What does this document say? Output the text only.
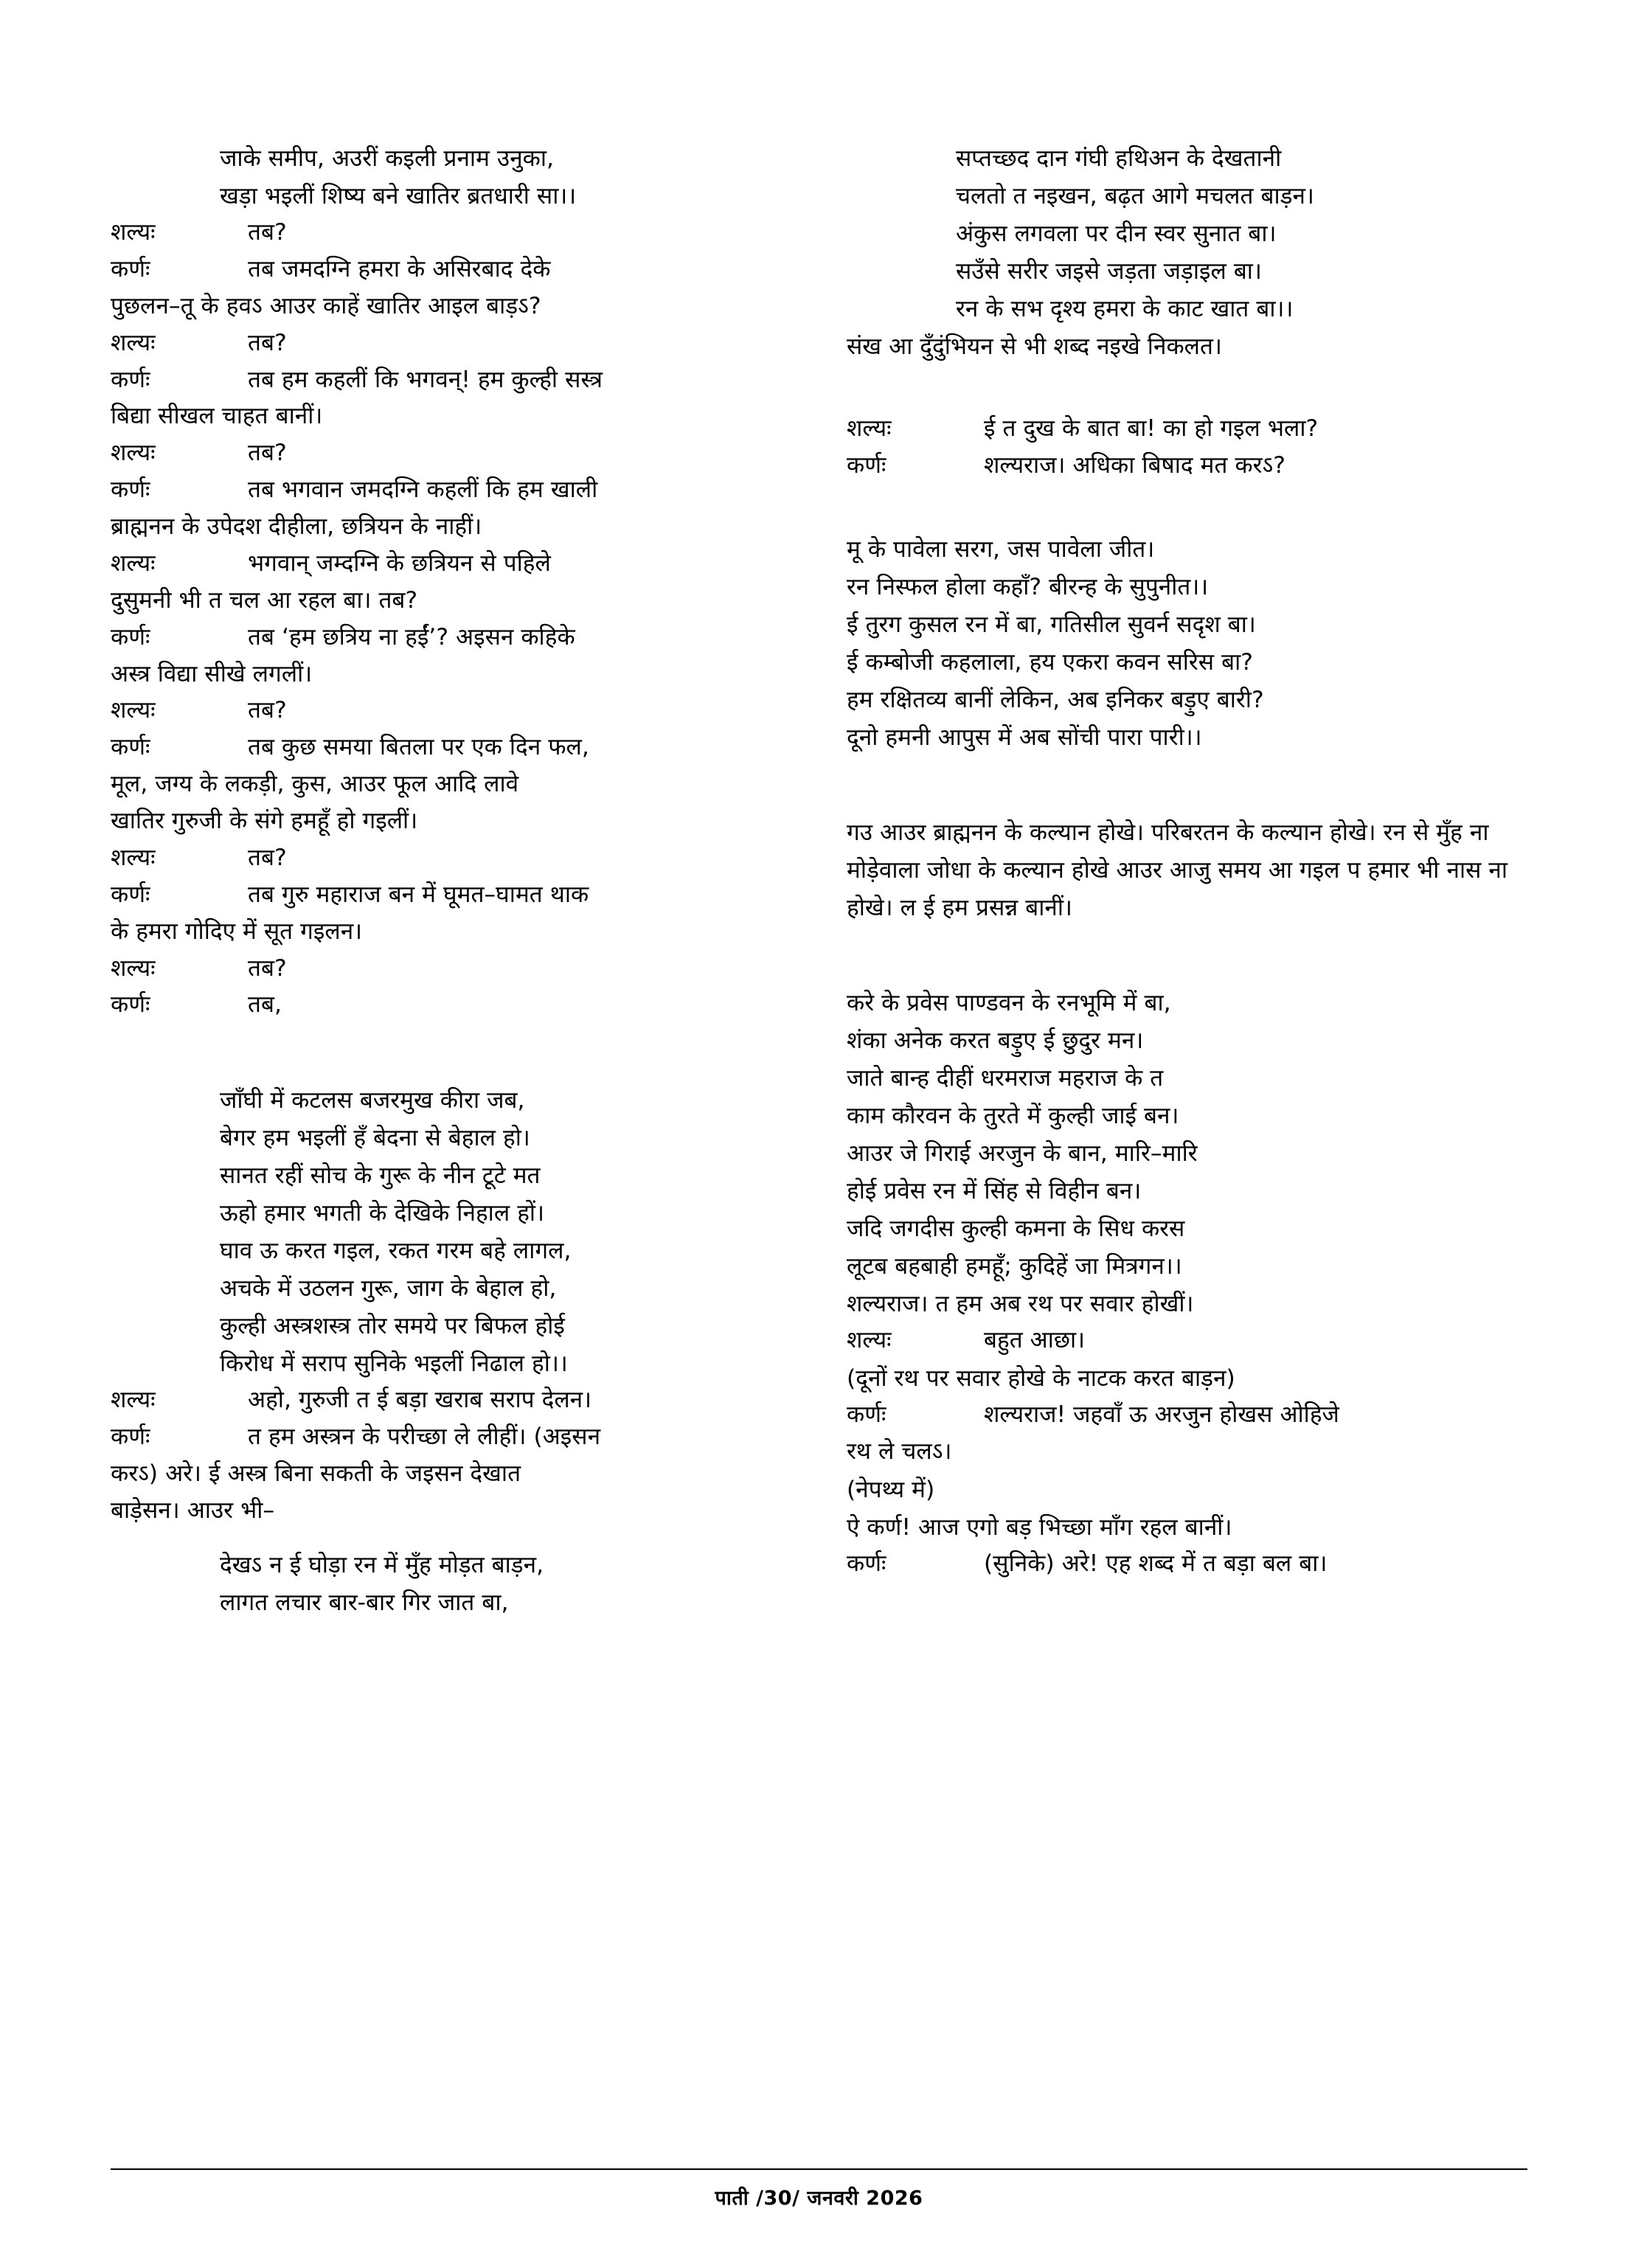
जाके समीप, अउरीं कइली प्रनाम उनुका,
खड़ा भइलीं शिष्य बने खातिर ब्रतधारी सा।।
शल्यः	तब?
कर्णः	तब जमदग्नि हमरा के असिरबाद देके

पुछलन–तू के हवऽ आउर काहें खातिर आइल बाड़ऽ?

शल्यः	तब?
कर्णः	तब हम कहलीं कि भगवन्! हम कुल्ही सस्त्र

बिद्या सीखल चाहत बानीं।

शल्यः	तब?
कर्णः	तब भगवान जमदग्नि कहलीं कि हम खाली

ब्राह्मनन के उपेदश दीहीला, छत्रियन के नाहीं।

शल्यः	भगवान् जम्दग्नि के छत्रियन से पहिले

दुसुमनी भी त चल आ रहल बा। तब?

कर्णः	तब ‘हम छत्रिय ना हईं’? अइसन कहिके

अस्त्र विद्या सीखे लगलीं।

शल्यः	तब?
कर्णः	तब कुछ समया बितला पर एक दिन फल,

मूल, जग्य के लकड़ी, कुस, आउर फूल आदि लावे

खातिर गुरुजी के संगे हमहूँ हो गइलीं।

शल्यः	तब?
कर्णः	तब गुरु महाराज बन में घूमत–घामत थाक

के हमरा गोदिए में सूत गइलन।

शल्यः	तब?
कर्णः	तब,
जाँघी में कटलस बजरमुख कीरा जब,
बेगर हम भइलीं हँ बेदना से बेहाल हो।
सानत रहीं सोच के गुरू के नीन टूटे मत
ऊहो हमार भगती के देखिके निहाल हों।
घाव ऊ करत गइल, रकत गरम बहे लागल,
अचके में उठलन गुरू, जाग के बेहाल हो,
कुल्ही अस्त्रशस्त्र तोर समये पर बिफल होई
किरोध में सराप सुनिके भइलीं निढाल हो।।
शल्यः	अहो, गुरुजी त ई बड़ा खराब सराप देलन।
कर्णः	त हम अस्त्रन के परीच्छा ले लीहीं। (अइसन

करऽ) अरे। ई अस्त्र बिना सकती के जइसन देखात

बाड़ेसन। आउर भी–

देखऽ न ई घोड़ा रन में मुँह मोड़त बाड़न,
लागत लचार बार-बार गिर जात बा,
सप्तच्छद दान गंघी हथिअन के देखतानी
चलतो त नइखन, बढ़त आगे मचलत बाड़न।
अंकुस लगवला पर दीन स्वर सुनात बा।
सउँसे सरीर जइसे जड़ता जड़ाइल बा।
रन के सभ दृश्य हमरा के काट खात बा।।

संख आ दुँदुंभियन से भी शब्द नइखे निकलत।

शल्यः	ई त दुख के बात बा! का हो गइल भला?
कर्णः	शल्यराज। अधिका बिषाद मत करऽ?
मू के पावेला सरग, जस पावेला जीत।
रन निस्फल होला कहाँ? बीरन्ह के सुपुनीत।।
ई तुरग कुसल रन में बा, गतिसील सुवर्न सदृश बा।
ई कम्बोजी कहलाला, हय एकरा कवन सरिस बा?
हम रक्षितव्य बानीं लेकिन, अब इनिकर बड़ुए बारी?
दूनो हमनी आपुस में अब सोंची पारा पारी।।

गउ आउर ब्राह्मनन के कल्यान होखे। परिबरतन के कल्यान होखे। रन से मुँह ना मोड़ेवाला जोधा के कल्यान होखे आउर आजु समय आ गइल प हमार भी नास ना होखे। ल ई हम प्रसन्न बानीं।

करे के प्रवेस पाण्डवन के रनभूमि में बा,
शंका अनेक करत बड़ुए ई छुदुर मन।
जाते बान्ह दीहीं धरमराज महराज के त
काम कौरवन के तुरते में कुल्ही जाई बन।
आउर जे गिराई अरजुन के बान, मारि–मारि
होई प्रवेस रन में सिंह से विहीन बन।
जदि जगदीस कुल्ही कमना के सिध करस
लूटब बहबाही हमहूँ; कुदिहें जा मित्रगन।।

शल्यराज। त हम अब रथ पर सवार होखीं।

शल्यः	बहुत आछा।

(दूनों रथ पर सवार होखे के नाटक करत बाड़न)

कर्णः	शल्यराज! जहवाँ ऊ अरजुन होखस ओहिजे

रथ ले चलऽ।

(नेपथ्य में)

ऐ कर्ण! आज एगो बड़ भिच्छा माँग रहल बानीं।

कर्णः	(सुनिके) अरे! एह शब्द में त बड़ा बल बा।
पाती /30/ जनवरी 2026
